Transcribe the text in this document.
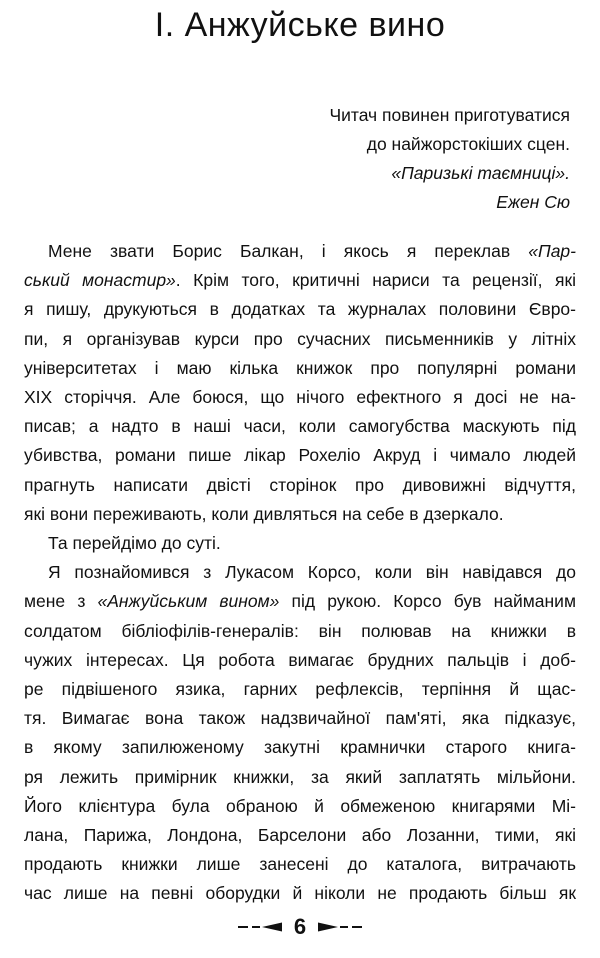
I. Анжуйське вино
Читач повинен приготуватися
до найжорстокіших сцен.
«Паризькі таємниці».
Ежен Сю
Мене звати Борис Балкан, і якось я переклав «Пар-
ський монастир». Крім того, критичні нариси та рецензії, які
я пишу, друкуються в додатках та журналах половини Євро-
пи, я організував курси про сучасних письменників у літніх
університетах і маю кілька книжок про популярні романи
XIX сторіччя. Але боюся, що нічого ефектного я досі не на-
писав; а надто в наші часи, коли самогубства маскують під
убивства, романи пише лікар Рохеліо Акруд і чимало людей
прагнуть написати двісті сторінок про дивовижні відчуття,
які вони переживають, коли дивляться на себе в дзеркало.
Та перейдімо до суті.
Я познайомився з Лукасом Корсо, коли він навідався до
мене з «Анжуйським вином» під рукою. Корсо був найманим
солдатом бібліофілів-генералів: він полював на книжки в
чужих інтересах. Ця робота вимагає брудних пальців і доб-
ре підвішеного язика, гарних рефлексів, терпіння й щас-
тя. Вимагає вона також надзвичайної пам'яті, яка підказує,
в якому запилюженому закутні крамнички старого книга-
ря лежить примірник книжки, за який заплатять мільйони.
Його клієнтура була обраною й обмеженою книгарями Мі-
лана, Парижа, Лондона, Барселони або Лозанни, тими, які
продають книжки лише занесені до каталога, витрачають
час лише на певні оборудки й ніколи не продають більш як
6
